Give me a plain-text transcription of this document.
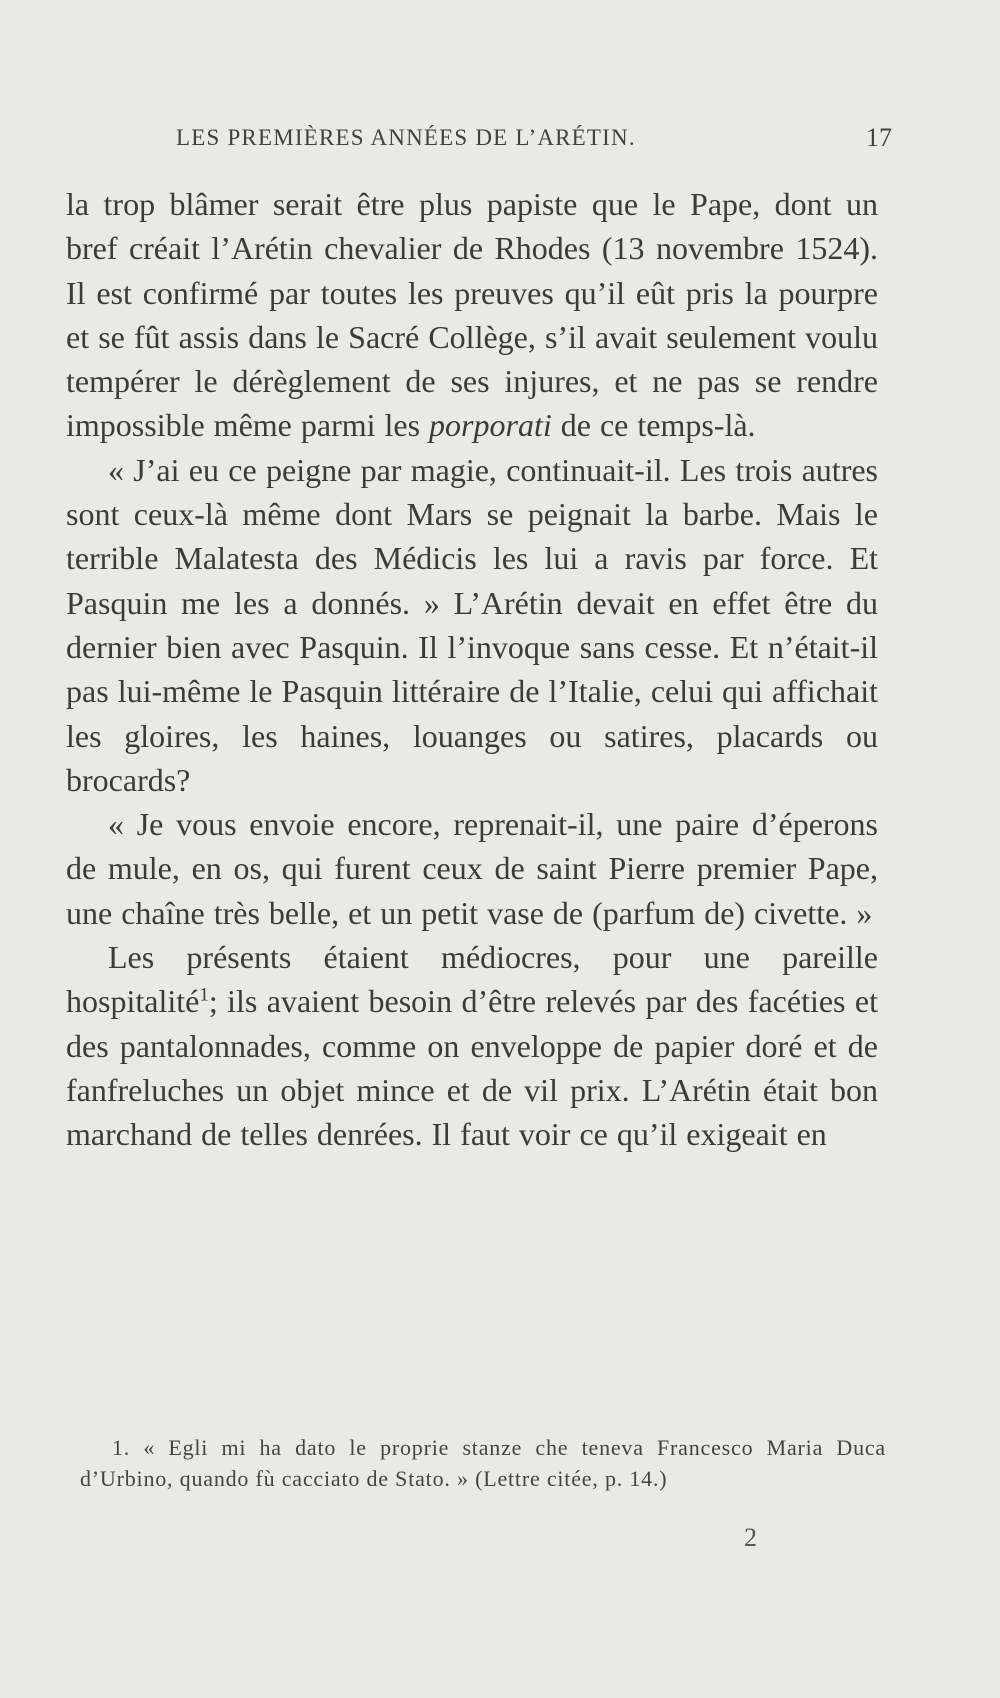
LES PREMIÈRES ANNÉES DE L’ARÉTIN.	17

la trop blâmer serait être plus papiste que le Pape, dont un bref créait l’Arétin chevalier de Rhodes (13 novembre 1524). Il est confirmé par toutes les preuves qu’il eût pris la pourpre et se fût assis dans le Sacré Collège, s’il avait seulement voulu tempérer le dérèglement de ses injures, et ne pas se rendre impossible même parmi les porporati de ce temps-là.

« J’ai eu ce peigne par magie, continuait-il. Les trois autres sont ceux-là même dont Mars se peignait la barbe. Mais le terrible Malatesta des Médicis les lui a ravis par force. Et Pasquin me les a donnés. » L’Arétin devait en effet être du dernier bien avec Pasquin. Il l’invoque sans cesse. Et n’était-il pas lui-même le Pasquin littéraire de l’Italie, celui qui affichait les gloires, les haines, louanges ou satires, placards ou brocards?

« Je vous envoie encore, reprenait-il, une paire d’éperons de mule, en os, qui furent ceux de saint Pierre premier Pape, une chaîne très belle, et un petit vase de (parfum de) civette. »

Les présents étaient médiocres, pour une pareille hospitalité$^1$; ils avaient besoin d’être relevés par des facéties et des pantalonnades, comme on enveloppe de papier doré et de fanfreluches un objet mince et de vil prix. L’Arétin était bon marchand de telles denrées. Il faut voir ce qu’il exigeait en

1. « Egli mi ha dato le proprie stanze che teneva Francesco Maria Duca d’Urbino, quando fù cacciato de Stato. » (Lettre citée, p. 14.)

2
